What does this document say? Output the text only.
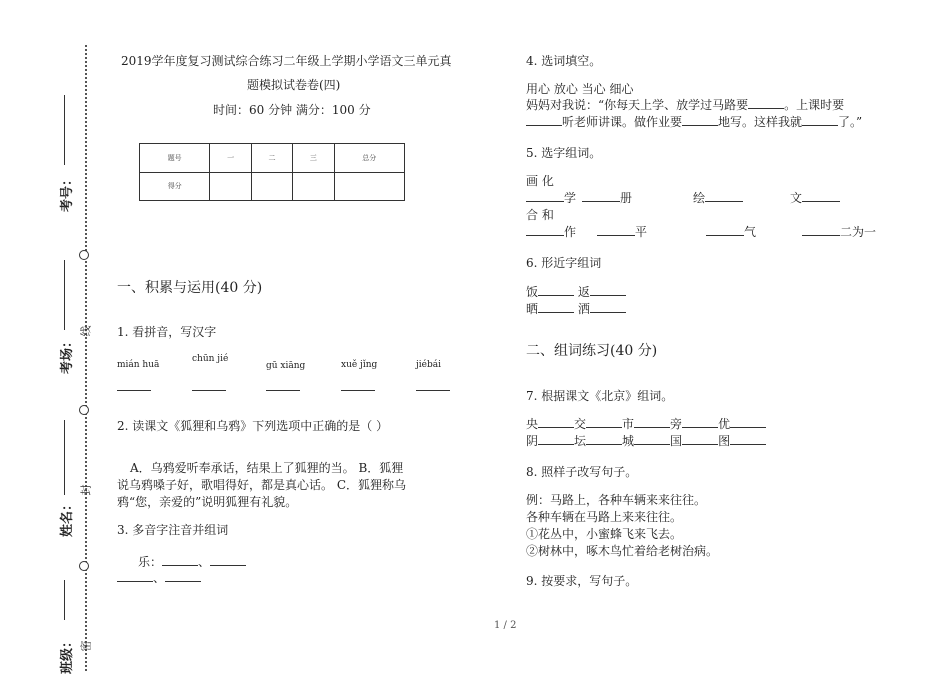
考号：
考场：
姓名：
班级：
线
封
密
2019学年度复习测试综合练习二年级上学期小学语文三单元真
题模拟试卷卷(四)
时间：60 分钟 满分：100 分
题号	一	二	三	总分
得分				
一、积累与运用(40 分)
1. 看拼音，写汉字
mián huā
chūn jié
gū xiāng	xuě jǐng	jiébái
2. 读课文《狐狸和乌鸦》下列选项中正确的是（ ）
A．乌鸦爱听奉承话，结果上了狐狸的当。 B．狐狸
说乌鸦嗓子好，歌唱得好，都是真心话。 C．狐狸称乌
鸦“您，亲爱的”说明狐狸有礼貌。
3. 多音字注音并组词
乐：	、
、
4. 选词填空。
用心 放心 当心 细心
妈妈对我说：“你每天上学、放学过马路要	。上课时要
听老师讲课。做作业要	地写。这样我就	了。”
5. 选字组词。
画 化
学	册	绘	文
合 和
作	平	气	二为一
6. 形近字组词
饭	返
晒	洒
二、组词练习(40 分)
7. 根据课文《北京》组词。
央	交	市	旁	优
阴	坛	城	国	图
8. 照样子改写句子。
例：马路上，各种车辆来来往往。
各种车辆在马路上来来往往。
①花丛中，小蜜蜂飞来飞去。
②树林中，啄木鸟忙着给老树治病。
9. 按要求，写句子。
1 / 2
